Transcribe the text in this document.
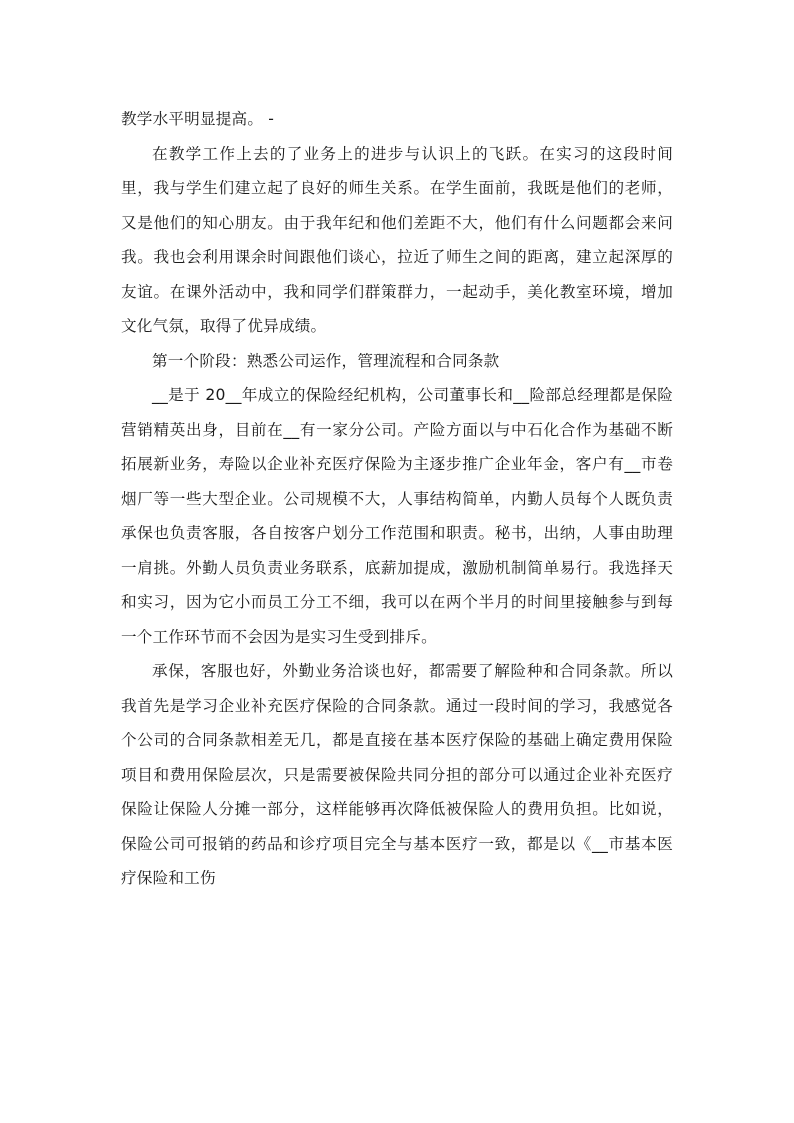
教学水平明显提高。 -

在教学工作上去的了业务上的进步与认识上的飞跃。在实习的这段时间里，我与学生们建立起了良好的师生关系。在学生面前，我既是他们的老师，又是他们的知心朋友。由于我年纪和他们差距不大，他们有什么问题都会来问我。我也会利用课余时间跟他们谈心，拉近了师生之间的距离，建立起深厚的友谊。在课外活动中，我和同学们群策群力，一起动手，美化教室环境，增加文化气氛，取得了优异成绩。

第一个阶段：熟悉公司运作，管理流程和合同条款

__是于 20__年成立的保险经纪机构，公司董事长和__险部总经理都是保险营销精英出身，目前在__有一家分公司。产险方面以与中石化合作为基础不断拓展新业务，寿险以企业补充医疗保险为主逐步推广企业年金，客户有__市卷烟厂等一些大型企业。公司规模不大，人事结构简单，内勤人员每个人既负责承保也负责客服，各自按客户划分工作范围和职责。秘书，出纳，人事由助理一肩挑。外勤人员负责业务联系，底薪加提成，激励机制简单易行。我选择天和实习，因为它小而员工分工不细，我可以在两个半月的时间里接触参与到每一个工作环节而不会因为是实习生受到排斥。

承保，客服也好，外勤业务洽谈也好，都需要了解险种和合同条款。所以我首先是学习企业补充医疗保险的合同条款。通过一段时间的学习，我感觉各个公司的合同条款相差无几，都是直接在基本医疗保险的基础上确定费用保险项目和费用保险层次，只是需要被保险共同分担的部分可以通过企业补充医疗保险让保险人分摊一部分，这样能够再次降低被保险人的费用负担。比如说，保险公司可报销的药品和诊疗项目完全与基本医疗一致，都是以《__市基本医疗保险和工伤
